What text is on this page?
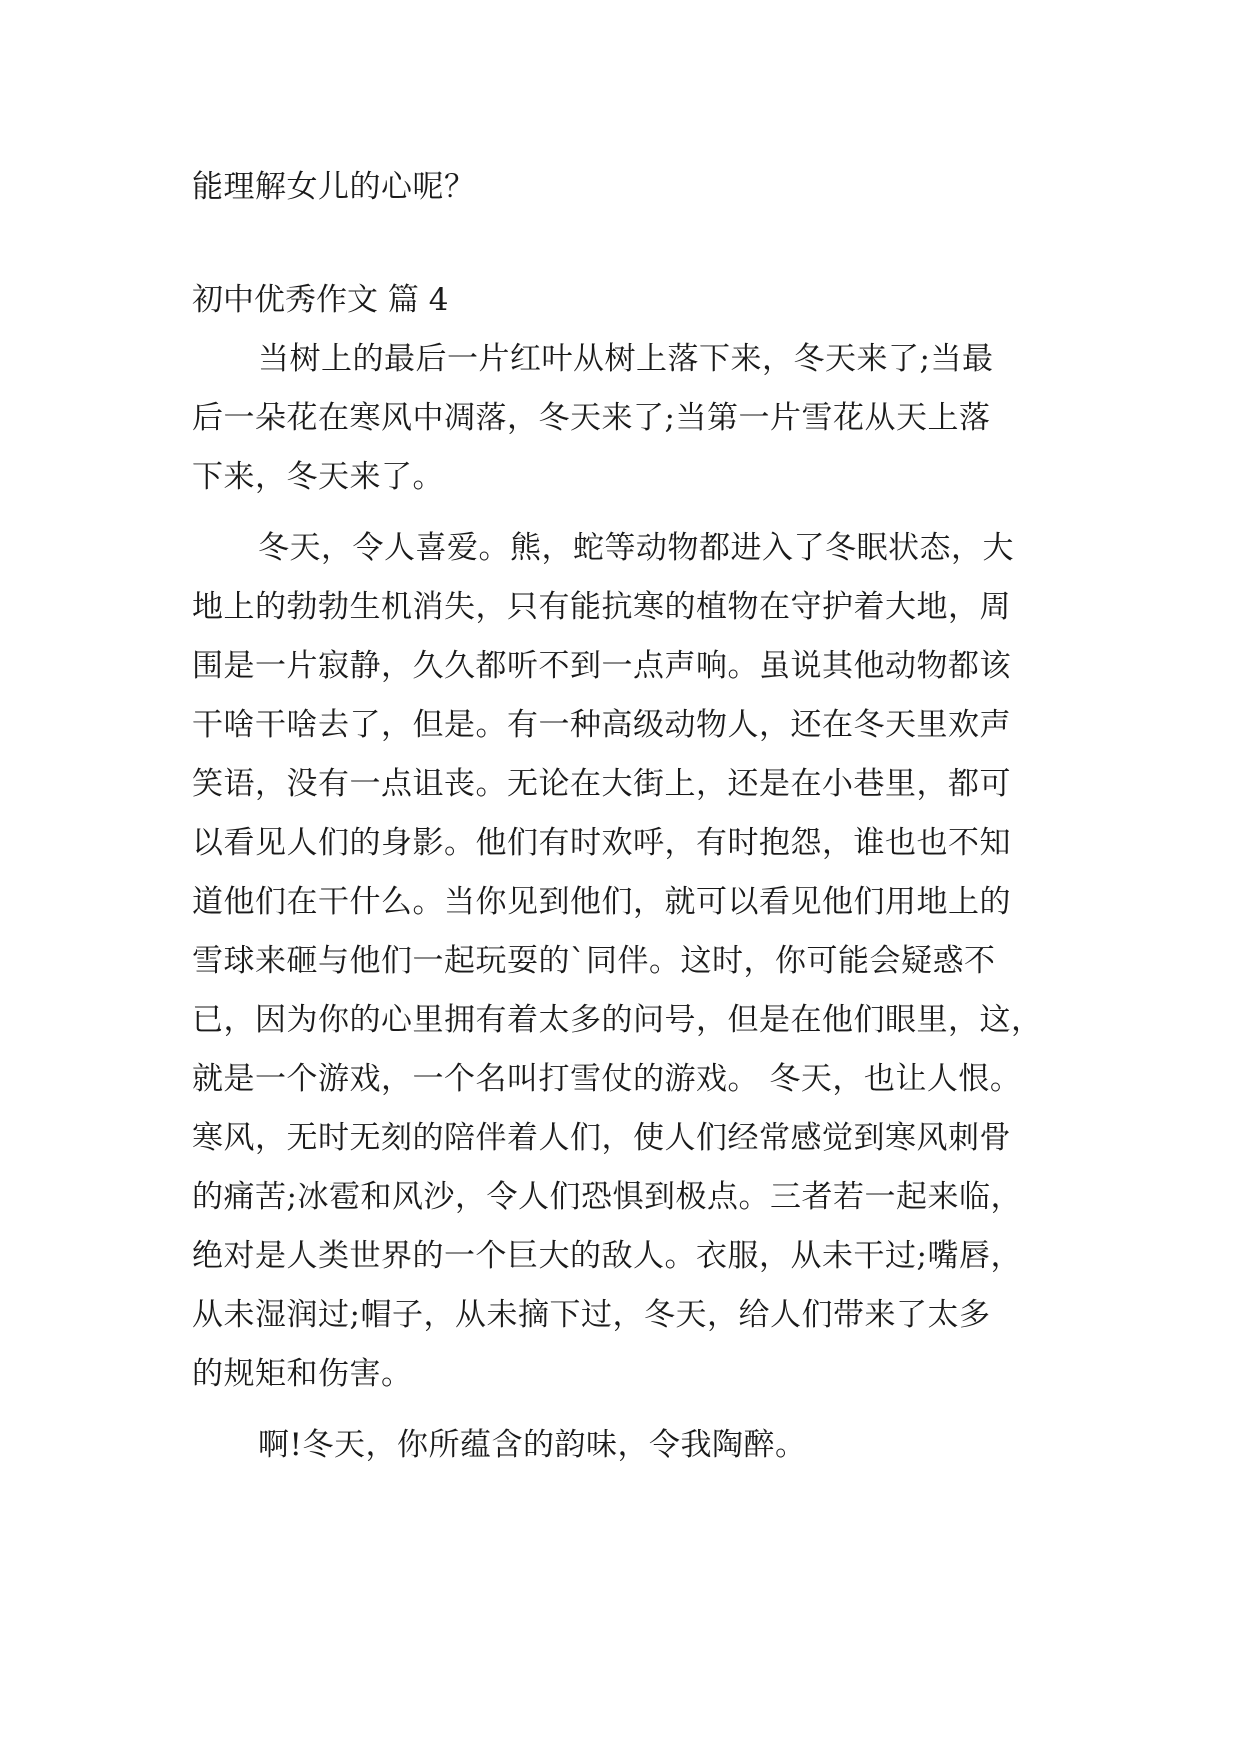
能理解女儿的心呢？
初中优秀作文 篇 4
当树上的最后一片红叶从树上落下来，冬天来了;当最
后一朵花在寒风中凋落，冬天来了;当第一片雪花从天上落
下来，冬天来了。
冬天，令人喜爱。熊，蛇等动物都进入了冬眠状态，大
地上的勃勃生机消失，只有能抗寒的植物在守护着大地，周
围是一片寂静，久久都听不到一点声响。虽说其他动物都该
干啥干啥去了，但是。有一种高级动物人，还在冬天里欢声
笑语，没有一点诅丧。无论在大街上，还是在小巷里，都可
以看见人们的身影。他们有时欢呼，有时抱怨，谁也也不知
道他们在干什么。当你见到他们，就可以看见他们用地上的
雪球来砸与他们一起玩耍的`同伴。这时，你可能会疑惑不
已，因为你的心里拥有着太多的问号，但是在他们眼里，这，
就是一个游戏，一个名叫打雪仗的游戏。 冬天，也让人恨。
寒风，无时无刻的陪伴着人们，使人们经常感觉到寒风刺骨
的痛苦;冰雹和风沙，令人们恐惧到极点。三者若一起来临，
绝对是人类世界的一个巨大的敌人。衣服，从未干过;嘴唇，
从未湿润过;帽子，从未摘下过，冬天，给人们带来了太多
的规矩和伤害。
啊!冬天，你所蕴含的韵味，令我陶醉。
